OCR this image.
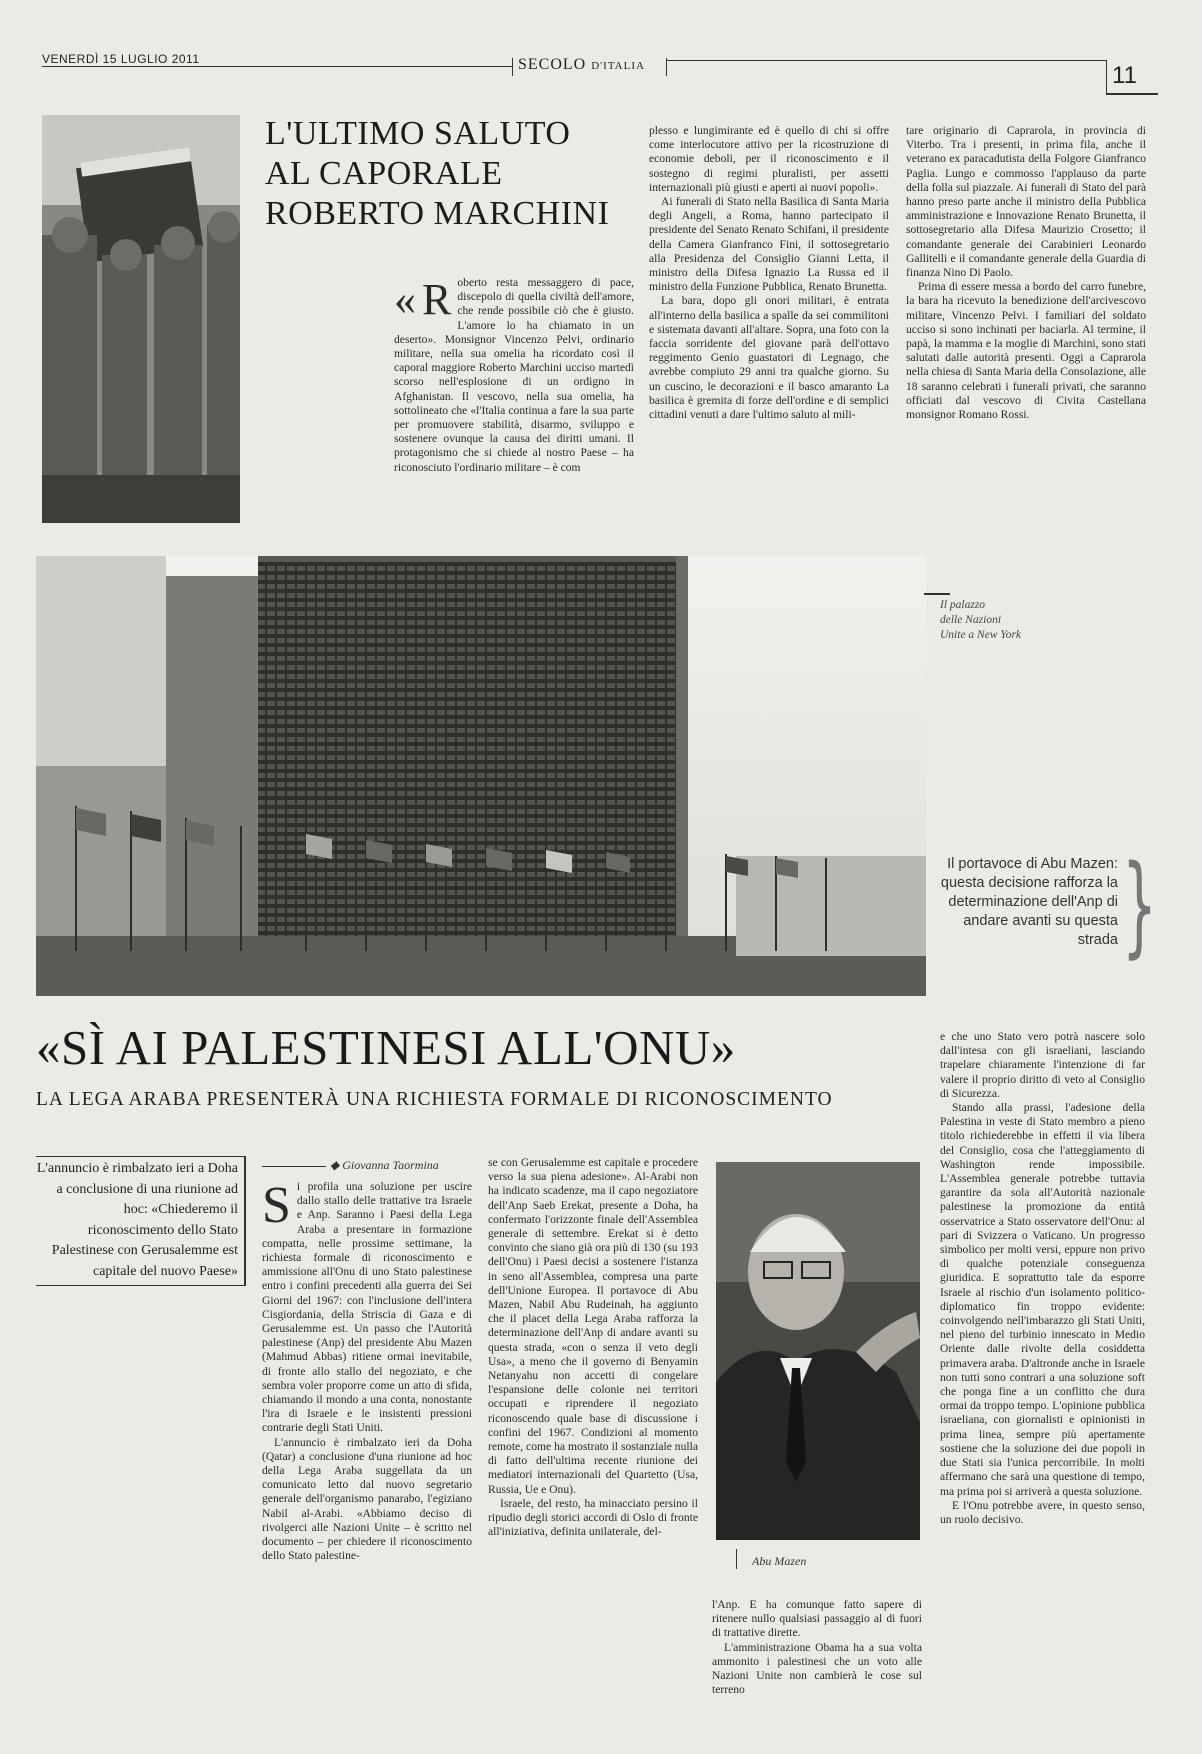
VENERDÌ 15 LUGLIO 2011	SECOLO D'ITALIA	11
L'ULTIMO SALUTO
AL CAPORALE
ROBERTO MARCHINI

« R oberto resta messaggero di pace, discepolo di quella civiltà dell'amore, che rende possibile ciò che è giusto. L'amore lo ha chiamato in un deserto». Monsignor Vincenzo Pelvi, ordinario militare, nella sua omelia ha ricordato così il caporal maggiore Roberto Marchini ucciso martedì scorso nell'esplosione di un ordigno in Afghanistan. Il vescovo, nella sua omelia, ha sottolineato che «l'Italia continua a fare la sua parte per promuovere stabilità, disarmo, sviluppo e sostenere ovunque la causa dei diritti umani. Il protagonismo che si chiede al nostro Paese – ha riconosciuto l'ordinario militare – è com

plesso e lungimirante ed è quello di chi si offre come interlocutore attivo per la ricostruzione di economie deboli, per il riconoscimento e il sostegno di regimi pluralisti, per assetti internazionali più giusti e aperti ai nuovi popoli».

Ai funerali di Stato nella Basilica di Santa Maria degli Angeli, a Roma, hanno partecipato il presidente del Senato Renato Schifani, il presidente della Camera Gianfranco Fini, il sottosegretario alla Presidenza del Consiglio Gianni Letta, il ministro della Difesa Ignazio La Russa ed il ministro della Funzione Pubblica, Renato Brunetta.

La bara, dopo gli onori militari, è entrata all'interno della basilica a spalle da sei commilitoni e sistemata davanti all'altare. Sopra, una foto con la faccia sorridente del giovane parà dell'ottavo reggimento Genio guastatori di Legnago, che avrebbe compiuto 29 anni tra qualche giorno. Su un cuscino, le decorazioni e il basco amaranto La basilica è gremita di forze dell'ordine e di semplici cittadini venuti a dare l'ultimo saluto al mili-

tare originario di Caprarola, in provincia di Viterbo. Tra i presenti, in prima fila, anche il veterano ex paracadutista della Folgore Gianfranco Paglia. Lungo e commosso l'applauso da parte della folla sul piazzale. Ai funerali di Stato del parà hanno preso parte anche il ministro della Pubblica amministrazione e Innovazione Renato Brunetta, il sottosegretario alla Difesa Maurizio Crosetto; il comandante generale dei Carabinieri Leonardo Gallitelli e il comandante generale della Guardia di finanza Nino Di Paolo.

Prima di essere messa a bordo del carro funebre, la bara ha ricevuto la benedizione dell'arcivescovo militare, Vincenzo Pelvi. I familiari del soldato ucciso si sono inchinati per baciarla. Al termine, il papà, la mamma e la moglie di Marchini, sono stati salutati dalle autorità presenti. Oggi a Caprarola nella chiesa di Santa Maria della Consolazione, alle 18 saranno celebrati i funerali privati, che saranno officiati dal vescovo di Civita Castellana monsignor Romano Rossi.

Il palazzo
delle Nazioni
Unite a New York
Il portavoce di Abu Mazen: questa decisione rafforza la determinazione dell'Anp di andare avanti su questa strada }
«SÌ AI PALESTINESI ALL'ONU»
LA LEGA ARABA PRESENTERÀ UNA RICHIESTA FORMALE DI RICONOSCIMENTO
L'annuncio è rimbalzato ieri a Doha a conclusione di una riunione ad hoc: «Chiederemo il riconoscimento dello Stato Palestinese con Gerusalemme est capitale del nuovo Paese»
◆ Giovanna Taormina

Si profila una soluzione per uscire dallo stallo delle trattative tra Israele e Anp. Saranno i Paesi della Lega Araba a presentare in formazione compatta, nelle prossime settimane, la richiesta formale di riconoscimento e ammissione all'Onu di uno Stato palestinese entro i confini precedenti alla guerra dei Sei Giorni del 1967: con l'inclusione dell'intera Cisgiordania, della Striscia di Gaza e di Gerusalemme est. Un passo che l'Autorità palestinese (Anp) del presidente Abu Mazen (Mahmud Abbas) ritiene ormai inevitabile, di fronte allo stallo del negoziato, e che sembra voler proporre come un atto di sfida, chiamando il mondo a una conta, nonostante l'ira di Israele e le insistenti pressioni contrarie degli Stati Uniti.

L'annuncio è rimbalzato ieri da Doha (Qatar) a conclusione d'una riunione ad hoc della Lega Araba suggellata da un comunicato letto dal nuovo segretario generale dell'organismo panarabo, l'egiziano Nabil al-Arabi. «Abbiamo deciso di rivolgerci alle Nazioni Unite – è scritto nel documento – per chiedere il riconoscimento dello Stato palestine-

se con Gerusalemme est capitale e procedere verso la sua piena adesione». Al-Arabi non ha indicato scadenze, ma il capo negoziatore dell'Anp Saeb Erekat, presente a Doha, ha confermato l'orizzonte finale dell'Assemblea generale di settembre. Erekat si è detto convinto che siano già ora più di 130 (su 193 dell'Onu) i Paesi decisi a sostenere l'istanza in seno all'Assemblea, compresa una parte dell'Unione Europea. Il portavoce di Abu Mazen, Nabil Abu Rudeinah, ha aggiunto che il placet della Lega Araba rafforza la determinazione dell'Anp di andare avanti su questa strada, «con o senza il veto degli Usa», a meno che il governo di Benyamin Netanyahu non accetti di congelare l'espansione delle colonie nei territori occupati e riprendere il negoziato riconoscendo quale base di discussione i confini del 1967. Condizioni al momento remote, come ha mostrato il sostanziale nulla di fatto dell'ultima recente riunione dei mediatori internazionali del Quartetto (Usa, Russia, Ue e Onu).

Israele, del resto, ha minacciato persino il ripudio degli storici accordi di Oslo di fronte all'iniziativa, definita unilaterale, del-

Abu Mazen

l'Anp. E ha comunque fatto sapere di ritenere nullo qualsiasi passaggio al di fuori di trattative dirette.

L'amministrazione Obama ha a sua volta ammonito i palestinesi che un voto alle Nazioni Unite non cambierà le cose sul terreno

e che uno Stato vero potrà nascere solo dall'intesa con gli israeliani, lasciando trapelare chiaramente l'intenzione di far valere il proprio diritto di veto al Consiglio di Sicurezza.

Stando alla prassi, l'adesione della Palestina in veste di Stato membro a pieno titolo richiederebbe in effetti il via libera del Consiglio, cosa che l'atteggiamento di Washington rende impossibile. L'Assemblea generale potrebbe tuttavia garantire da sola all'Autorità nazionale palestinese la promozione da entità osservatrice a Stato osservatore dell'Onu: al pari di Svizzera o Vaticano. Un progresso simbolico per molti versi, eppure non privo di qualche potenziale conseguenza giuridica. E soprattutto tale da esporre Israele al rischio d'un isolamento politico-diplomatico fin troppo evidente: coinvolgendo nell'imbarazzo gli Stati Uniti, nel pieno del turbinio innescato in Medio Oriente dalle rivolte della cosiddetta primavera araba. D'altronde anche in Israele non tutti sono contrari a una soluzione soft che ponga fine a un conflitto che dura ormai da troppo tempo. L'opinione pubblica israeliana, con giornalisti e opinionisti in prima linea, sempre più apertamente sostiene che la soluzione dei due popoli in due Stati sia l'unica percorribile. In molti affermano che sarà una questione di tempo, ma prima poi si arriverà a questa soluzione.

E l'Onu potrebbe avere, in questo senso, un ruolo decisivo.
